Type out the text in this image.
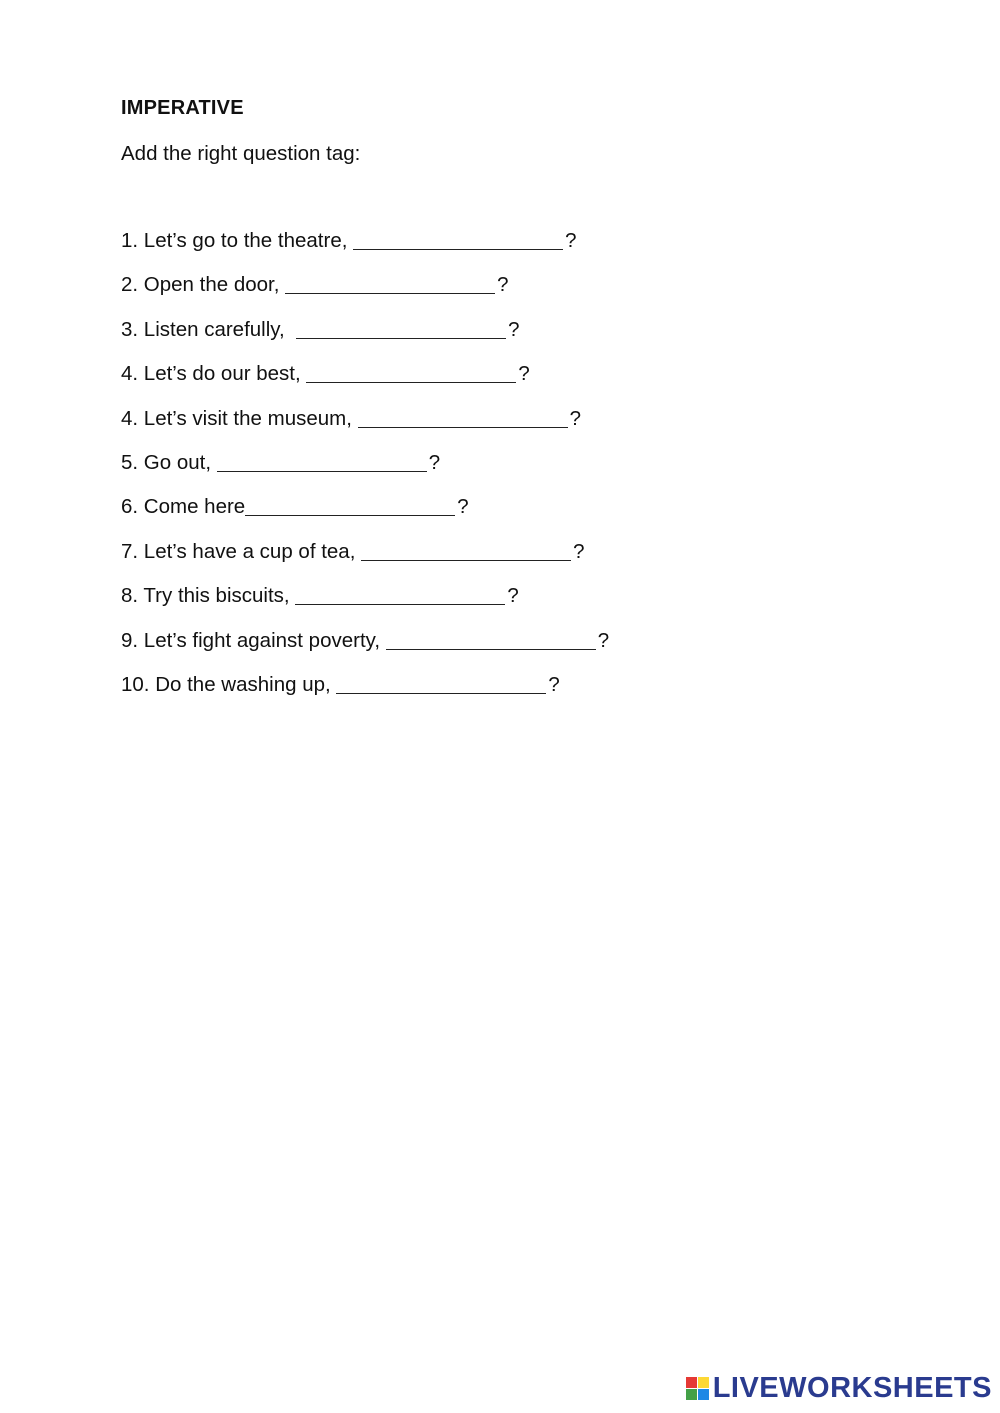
IMPERATIVE
Add the right question tag:
1. Let’s go to the theatre,	?
2. Open the door,	?
3. Listen carefully,	?
4. Let’s do our best,	?
4. Let’s visit the museum,	?
5. Go out,	?
6. Come here	?
7. Let’s have a cup of tea,	?
8. Try this biscuits,	?
9. Let’s fight against poverty,	?
10. Do the washing up,	?
LIVEWORKSHEETS
